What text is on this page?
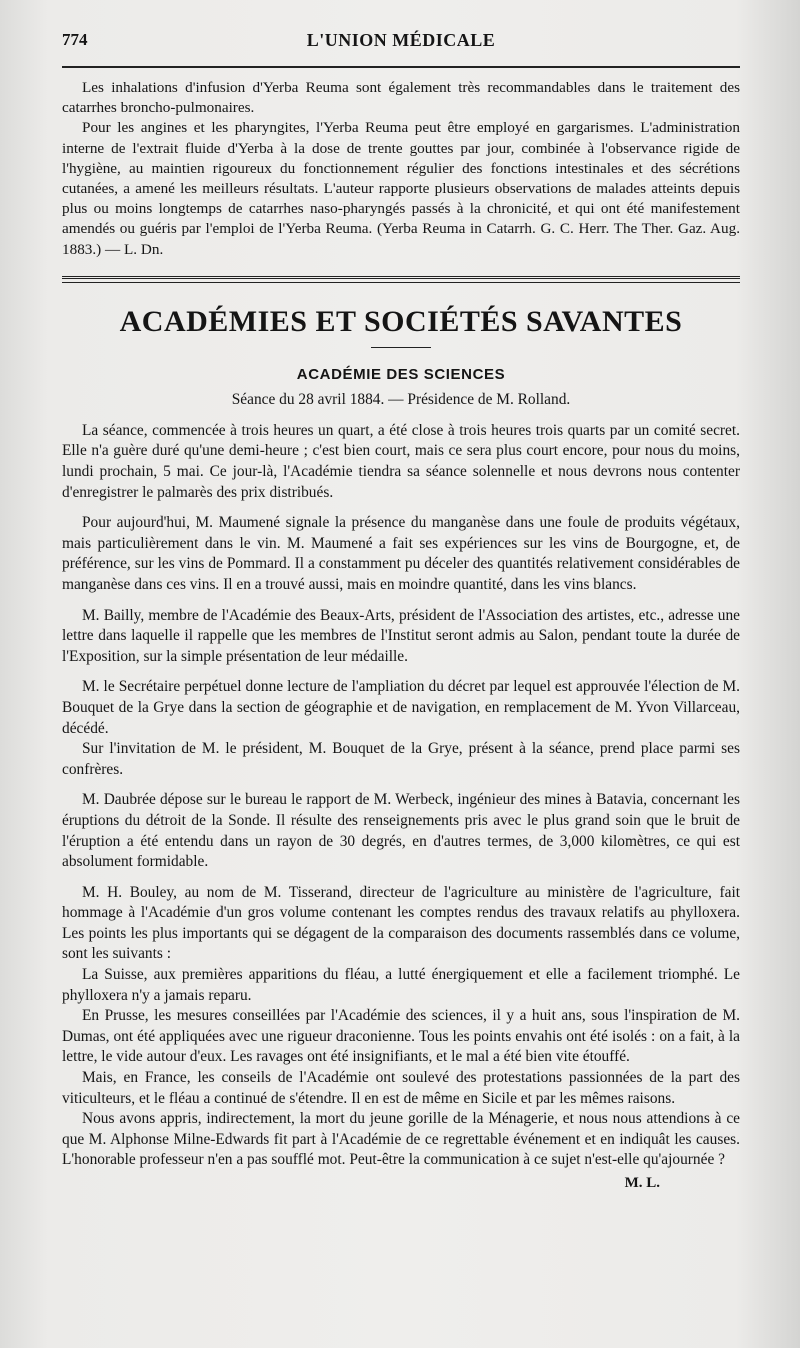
774	L'UNION MÉDICALE

Les inhalations d'infusion d'Yerba Reuma sont également très recommandables dans le traitement des catarrhes broncho-pulmonaires.

Pour les angines et les pharyngites, l'Yerba Reuma peut être employé en gargarismes. L'administration interne de l'extrait fluide d'Yerba à la dose de trente gouttes par jour, combinée à l'observance rigide de l'hygiène, au maintien rigoureux du fonctionnement régulier des fonctions intestinales et des sécrétions cutanées, a amené les meilleurs résultats. L'auteur rapporte plusieurs observations de malades atteints depuis plus ou moins longtemps de catarrhes naso-pharyngés passés à la chronicité, et qui ont été manifestement amendés ou guéris par l'emploi de l'Yerba Reuma. (Yerba Reuma in Catarrh. G. C. Herr. The Ther. Gaz. Aug. 1883.) — L. Dn.

ACADÉMIES ET SOCIÉTÉS SAVANTES
ACADÉMIE DES SCIENCES
Séance du 28 avril 1884. — Présidence de M. Rolland.

La séance, commencée à trois heures un quart, a été close à trois heures trois quarts par un comité secret. Elle n'a guère duré qu'une demi-heure ; c'est bien court, mais ce sera plus court encore, pour nous du moins, lundi prochain, 5 mai. Ce jour-là, l'Académie tiendra sa séance solennelle et nous devrons nous contenter d'enregistrer le palmarès des prix distribués.

Pour aujourd'hui, M. Maumené signale la présence du manganèse dans une foule de produits végétaux, mais particulièrement dans le vin. M. Maumené a fait ses expériences sur les vins de Bourgogne, et, de préférence, sur les vins de Pommard. Il a constamment pu déceler des quantités relativement considérables de manganèse dans ces vins. Il en a trouvé aussi, mais en moindre quantité, dans les vins blancs.

M. Bailly, membre de l'Académie des Beaux-Arts, président de l'Association des artistes, etc., adresse une lettre dans laquelle il rappelle que les membres de l'Institut seront admis au Salon, pendant toute la durée de l'Exposition, sur la simple présentation de leur médaille.

M. le Secrétaire perpétuel donne lecture de l'ampliation du décret par lequel est approuvée l'élection de M. Bouquet de la Grye dans la section de géographie et de navigation, en remplacement de M. Yvon Villarceau, décédé.

Sur l'invitation de M. le président, M. Bouquet de la Grye, présent à la séance, prend place parmi ses confrères.

M. Daubrée dépose sur le bureau le rapport de M. Werbeck, ingénieur des mines à Batavia, concernant les éruptions du détroit de la Sonde. Il résulte des renseignements pris avec le plus grand soin que le bruit de l'éruption a été entendu dans un rayon de 30 degrés, en d'autres termes, de 3,000 kilomètres, ce qui est absolument formidable.

M. H. Bouley, au nom de M. Tisserand, directeur de l'agriculture au ministère de l'agriculture, fait hommage à l'Académie d'un gros volume contenant les comptes rendus des travaux relatifs au phylloxera. Les points les plus importants qui se dégagent de la comparaison des documents rassemblés dans ce volume, sont les suivants :

La Suisse, aux premières apparitions du fléau, a lutté énergiquement et elle a facilement triomphé. Le phylloxera n'y a jamais reparu.

En Prusse, les mesures conseillées par l'Académie des sciences, il y a huit ans, sous l'inspiration de M. Dumas, ont été appliquées avec une rigueur draconienne. Tous les points envahis ont été isolés : on a fait, à la lettre, le vide autour d'eux. Les ravages ont été insignifiants, et le mal a été bien vite étouffé.

Mais, en France, les conseils de l'Académie ont soulevé des protestations passionnées de la part des viticulteurs, et le fléau a continué de s'étendre. Il en est de même en Sicile et par les mêmes raisons.

Nous avons appris, indirectement, la mort du jeune gorille de la Ménagerie, et nous nous attendions à ce que M. Alphonse Milne-Edwards fit part à l'Académie de ce regrettable événement et en indiquât les causes. L'honorable professeur n'en a pas soufflé mot. Peut-être la communication à ce sujet n'est-elle qu'ajournée ?

M. L.
